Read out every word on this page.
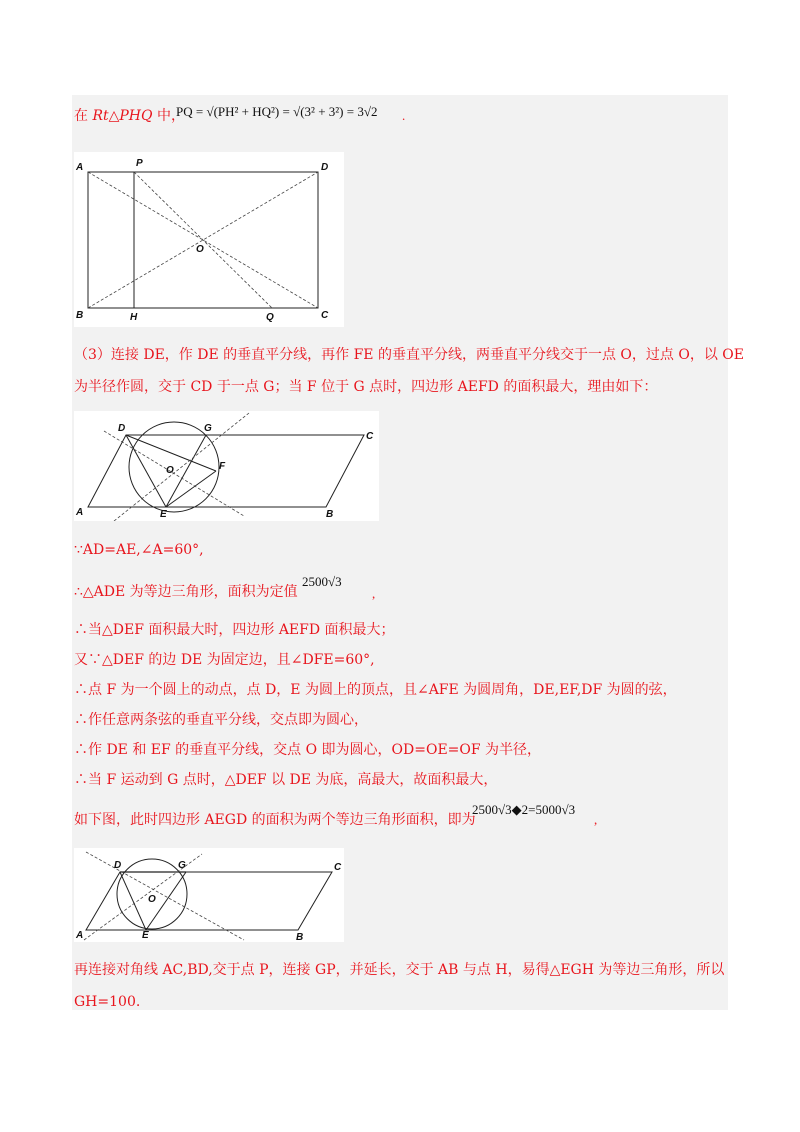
在 Rt△PHQ 中，
PQ = √(PH² + HQ²) = √(3² + 3²) = 3√2 .
A	P	D
O
B	H	Q	C
（3）连接 DE，作 DE 的垂直平分线，再作 FE 的垂直平分线，两垂直平分线交于一点 O，过点 O，以 OE
为半径作圆，交于 CD 于一点 G；当 F 位于 G 点时，四边形 AEFD 的面积最大，理由如下：
D	G
C
O	F
A	E	B
∵AD=AE,∠A=60°,
∴△ADE 为等边三角形，面积为定值
2500√3
,
∴当△DEF 面积最大时，四边形 AEFD 面积最大；
又∵△DEF 的边 DE 为固定边，且∠DFE=60°,
∴点 F 为一个圆上的动点，点 D，E 为圆上的顶点，且∠AFE 为圆周角，DE,EF,DF 为圆的弦，
∴作任意两条弦的垂直平分线，交点即为圆心，
∴作 DE 和 EF 的垂直平分线，交点 O 即为圆心，OD=OE=OF 为半径，
∴当 F 运动到 G 点时，△DEF 以 DE 为底，高最大，故面积最大，
如下图，此时四边形 AEGD 的面积为两个等边三角形面积，即为
2500√3◆2=5000√3
,
D	G	C
O
A	E	B
再连接对角线 AC,BD,交于点 P，连接 GP，并延长，交于 AB 与点 H，易得△EGH 为等边三角形，所以
GH=100.
